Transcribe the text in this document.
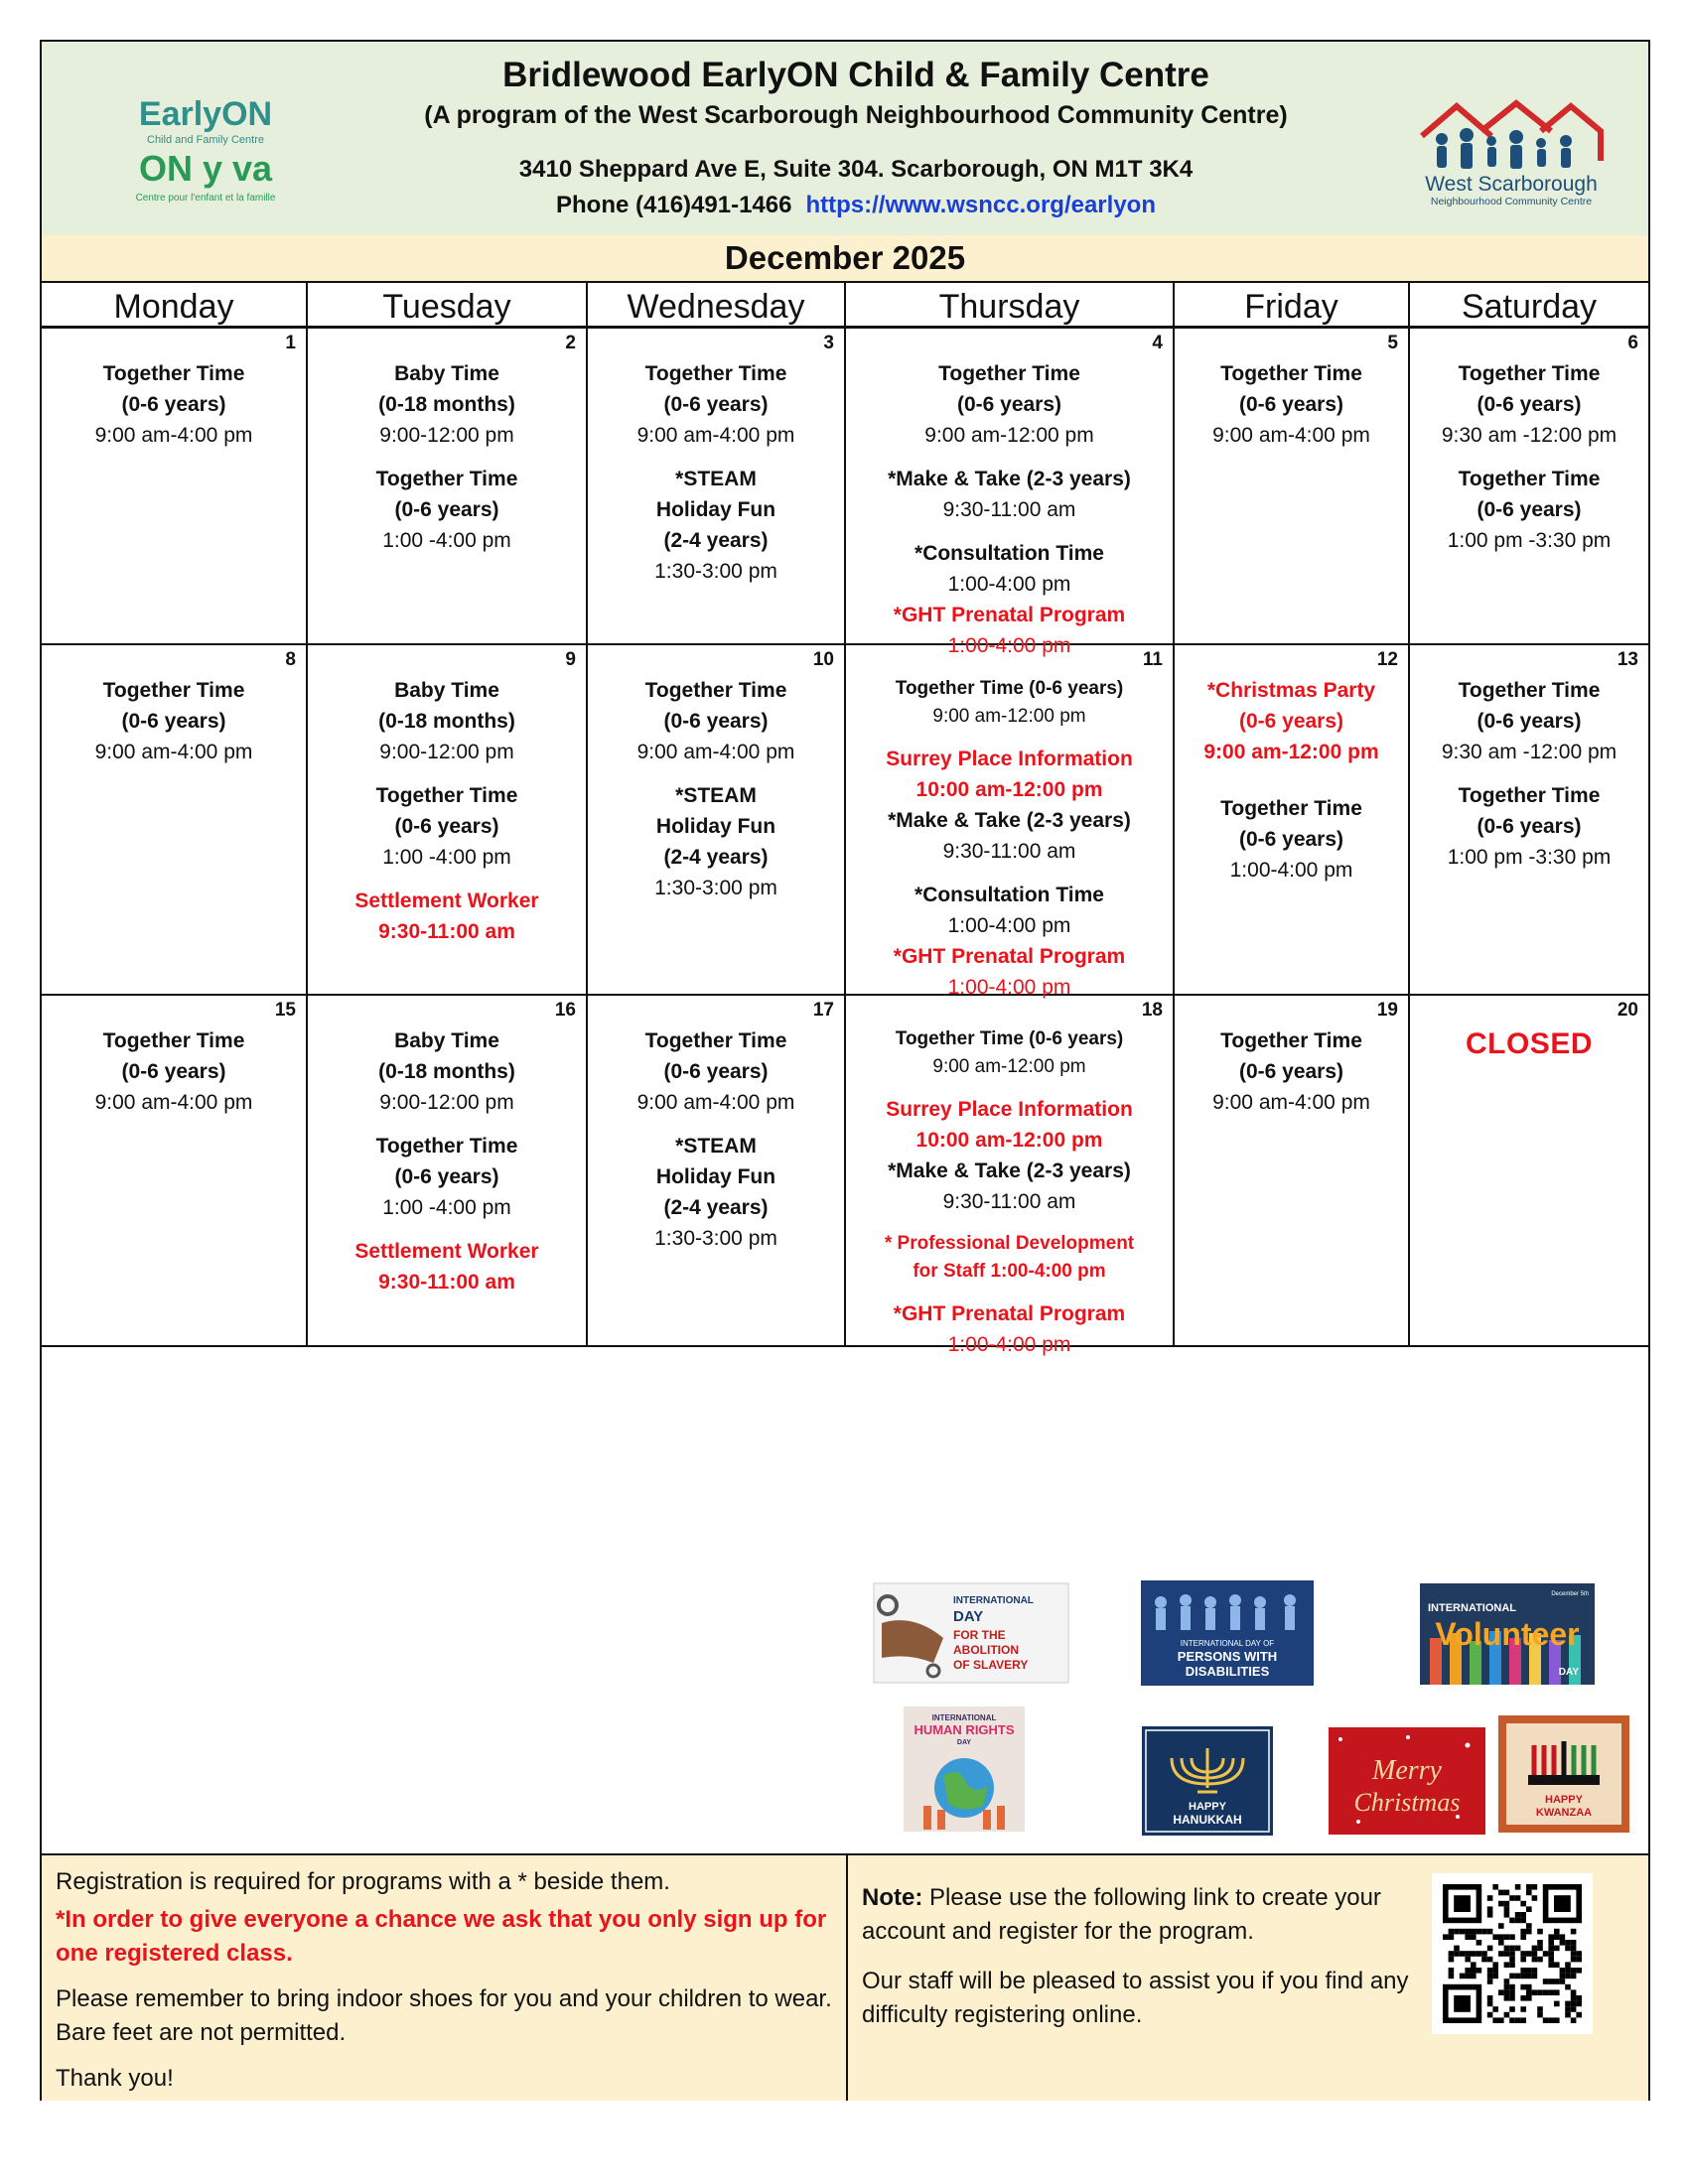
EarlyON
Child and Family Centre
ON y va
Centre pour l'enfant et la famille
Bridlewood EarlyON Child & Family Centre
(A program of the West Scarborough Neighbourhood Community Centre)
3410 Sheppard Ave E, Suite 304. Scarborough, ON M1T 3K4
Phone (416)491-1466 https://www.wsncc.org/earlyon
West Scarborough
Neighbourhood Community Centre
December 2025
Monday	Tuesday	Wednesday	Thursday	Friday	Saturday
1
Together Time
(0-6 years)
9:00 am-4:00 pm
2
Baby Time
(0-18 months)
9:00-12:00 pm
Together Time
(0-6 years)
1:00 -4:00 pm
3
Together Time
(0-6 years)
9:00 am-4:00 pm
*STEAM
Holiday Fun
(2-4 years)
1:30-3:00 pm
4
Together Time
(0-6 years)
9:00 am-12:00 pm
*Make & Take (2-3 years)
9:30-11:00 am
*Consultation Time
1:00-4:00 pm
*GHT Prenatal Program
1:00-4:00 pm
5
Together Time
(0-6 years)
9:00 am-4:00 pm
6
Together Time
(0-6 years)
9:30 am -12:00 pm
Together Time
(0-6 years)
1:00 pm -3:30 pm
8
Together Time
(0-6 years)
9:00 am-4:00 pm
9
Baby Time
(0-18 months)
9:00-12:00 pm
Together Time
(0-6 years)
1:00 -4:00 pm
Settlement Worker
9:30-11:00 am
10
Together Time
(0-6 years)
9:00 am-4:00 pm
*STEAM
Holiday Fun
(2-4 years)
1:30-3:00 pm
11
Together Time (0-6 years)
9:00 am-12:00 pm
Surrey Place Information
10:00 am-12:00 pm
*Make & Take (2-3 years)
9:30-11:00 am
*Consultation Time
1:00-4:00 pm
*GHT Prenatal Program
1:00-4:00 pm
12
*Christmas Party
(0-6 years)
9:00 am-12:00 pm
Together Time
(0-6 years)
1:00-4:00 pm
13
Together Time
(0-6 years)
9:30 am -12:00 pm
Together Time
(0-6 years)
1:00 pm -3:30 pm
15
Together Time
(0-6 years)
9:00 am-4:00 pm
16
Baby Time
(0-18 months)
9:00-12:00 pm
Together Time
(0-6 years)
1:00 -4:00 pm
Settlement Worker
9:30-11:00 am
17
Together Time
(0-6 years)
9:00 am-4:00 pm
*STEAM
Holiday Fun
(2-4 years)
1:30-3:00 pm
18
Together Time (0-6 years)
9:00 am-12:00 pm
Surrey Place Information
10:00 am-12:00 pm
*Make & Take (2-3 years)
9:30-11:00 am
* Professional Development
for Staff 1:00-4:00 pm
*GHT Prenatal Program
1:00-4:00 pm
19
Together Time
(0-6 years)
9:00 am-4:00 pm
20
CLOSED
INTERNATIONAL
DAY
FOR THE
ABOLITION
OF SLAVERY
INTERNATIONAL DAY OF
PERSONS WITH
DISABILITIES
December 5th
INTERNATIONAL
Volunteer
DAY
INTERNATIONAL
HUMAN RIGHTS
DAY
HAPPY
HANUKKAH
Merry
Christmas	HAPPY
KWANZAA
Registration is required for programs with a * beside them.
*In order to give everyone a chance we ask that you only sign up for one registered class.
Please remember to bring indoor shoes for you and your children to wear. Bare feet are not permitted.
Thank you!
Note: Please use the following link to create your account and register for the program.
Our staff will be pleased to assist you if you find any difficulty registering online.
